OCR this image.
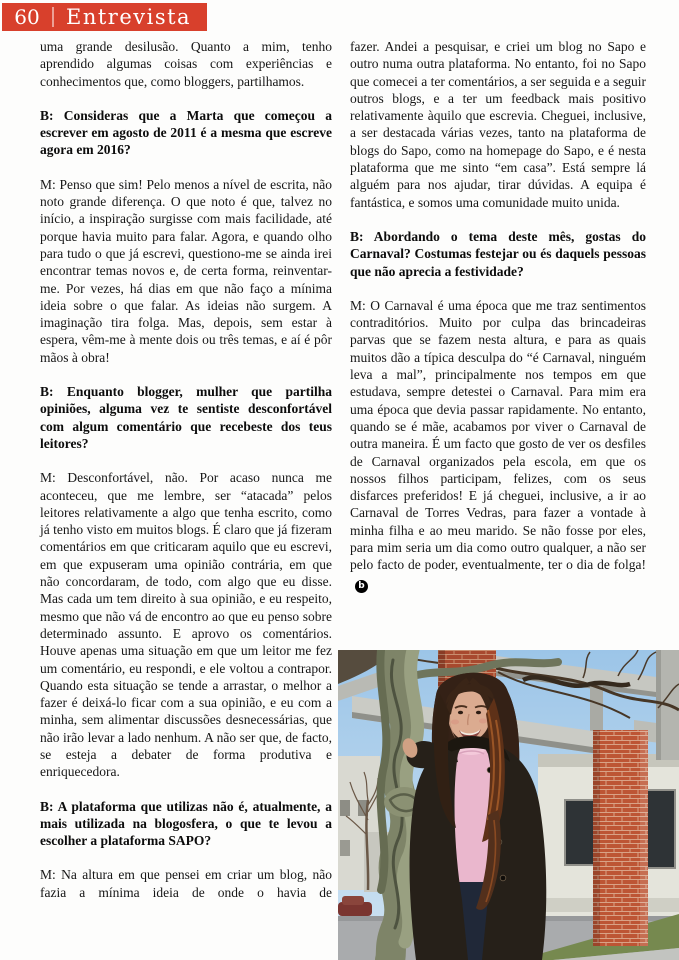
60	Entrevista

uma grande desilusão. Quanto a mim, tenho aprendido algumas coisas com experiências e conhecimentos que, como bloggers, partilhamos.

B: Consideras que a Marta que começou a escrever em agosto de 2011 é a mesma que escreve agora em 2016?

M: Penso que sim! Pelo menos a nível de escrita, não noto grande diferença. O que noto é que, talvez no início, a inspiração surgisse com mais facilidade, até porque havia muito para falar. Agora, e quando olho para tudo o que já escrevi, questiono-me se ainda irei encontrar temas novos e, de certa forma, reinventar-me. Por vezes, há dias em que não faço a mínima ideia sobre o que falar. As ideias não surgem. A imaginação tira folga. Mas, depois, sem estar à espera, vêm-me à mente dois ou três temas, e aí é pôr mãos à obra!

B: Enquanto blogger, mulher que partilha opiniões, alguma vez te sentiste desconfortável com algum comentário que recebeste dos teus leitores?

M: Desconfortável, não. Por acaso nunca me aconteceu, que me lembre, ser “atacada” pelos leitores relativamente a algo que tenha escrito, como já tenho visto em muitos blogs. É claro que já fizeram comentários em que criticaram aquilo que eu escrevi, em que expuseram uma opinião contrária, em que não concordaram, de todo, com algo que eu disse. Mas cada um tem direito à sua opinião, e eu respeito, mesmo que não vá de encontro ao que eu penso sobre determinado assunto. E aprovo os comentários. Houve apenas uma situação em que um leitor me fez um comentário, eu respondi, e ele voltou a contrapor. Quando esta situação se tende a arrastar, o melhor a fazer é deixá-lo ficar com a sua opinião, e eu com a minha, sem alimentar discussões desnecessárias, que não irão levar a lado nenhum. A não ser que, de facto, se esteja a debater de forma produtiva e enriquecedora.

B: A plataforma que utilizas não é, atualmente, a mais utilizada na blogosfera, o que te levou a escolher a plataforma SAPO?

M: Na altura em que pensei em criar um blog, não fazia a mínima ideia de onde o havia de

fazer. Andei a pesquisar, e criei um blog no Sapo e outro numa outra plataforma. No entanto, foi no Sapo que comecei a ter comentários, a ser seguida e a seguir outros blogs, e a ter um feedback mais positivo relativamente àquilo que escrevia. Cheguei, inclusive, a ser destacada várias vezes, tanto na plataforma de blogs do Sapo, como na homepage do Sapo, e é nesta plataforma que me sinto “em casa”. Está sempre lá alguém para nos ajudar, tirar dúvidas. A equipa é fantástica, e somos uma comunidade muito unida.

B: Abordando o tema deste mês, gostas do Carnaval? Costumas festejar ou és daquels pessoas que não aprecia a festividade?

M: O Carnaval é uma época que me traz sentimentos contraditórios. Muito por culpa das brincadeiras parvas que se fazem nesta altura, e para as quais muitos dão a típica desculpa do “é Carnaval, ninguém leva a mal”, principalmente nos tempos em que estudava, sempre detestei o Carnaval. Para mim era uma época que devia passar rapidamente. No entanto, quando se é mãe, acabamos por viver o Carnaval de outra maneira. É um facto que gosto de ver os desfiles de Carnaval organizados pela escola, em que os nossos filhos participam, felizes, com os seus disfarces preferidos! E já cheguei, inclusive, a ir ao Carnaval de Torres Vedras, para fazer a vontade à minha filha e ao meu marido. Se não fosse por eles, para mim seria um dia como outro qualquer, a não ser pelo facto de poder, eventualmente, ter o dia de folga!b
